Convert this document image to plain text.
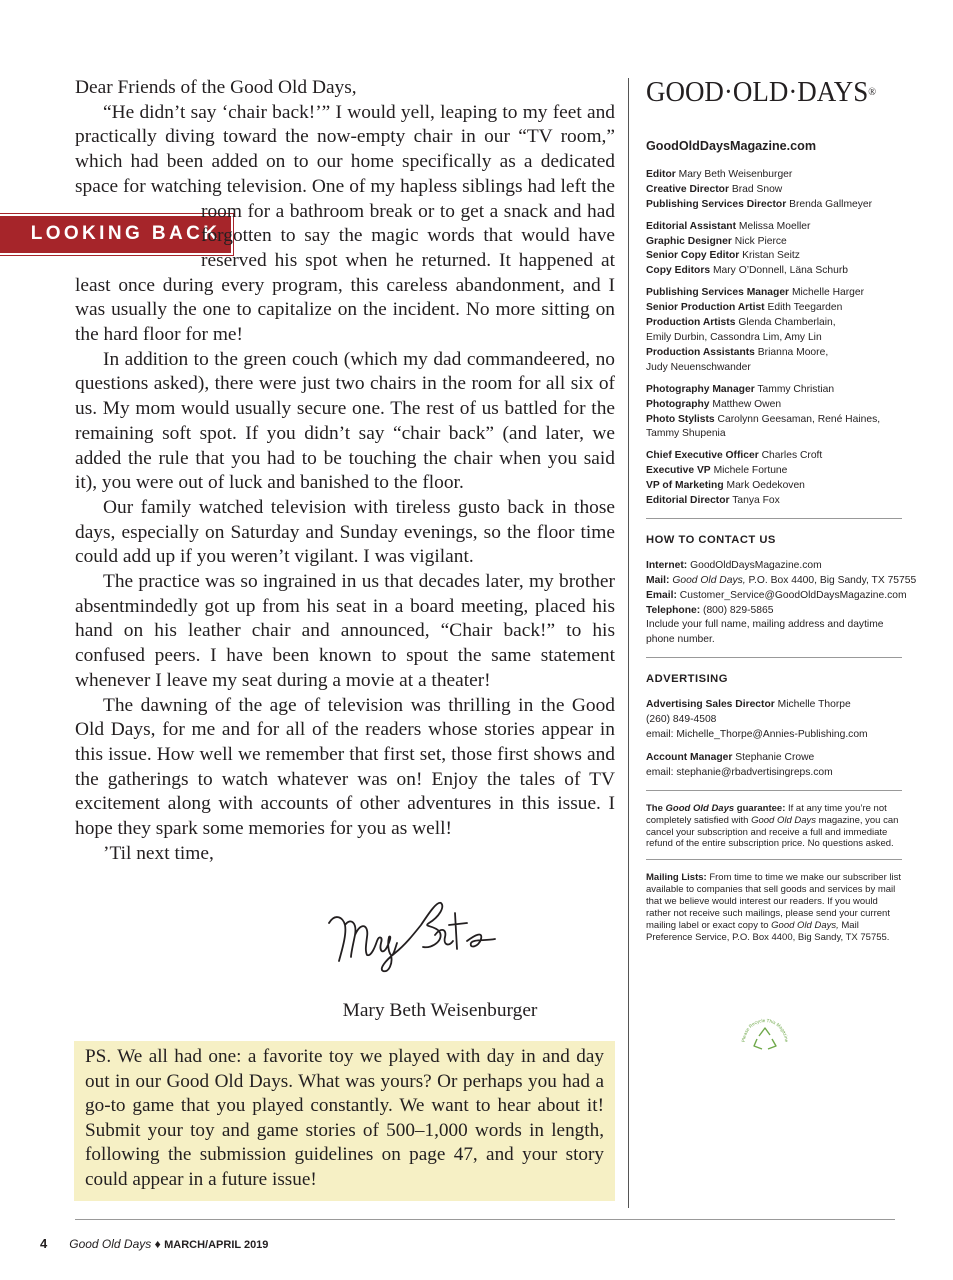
Dear Friends of the Good Old Days,

“He didn’t say ‘chair back!’” I would yell, leaping to my feet and practically diving toward the now-empty chair in our “TV room,” which had been added on to our home specifically as a dedicated space for watching television. One of my hapless siblings
LOOKING BACK
had left the room for a bathroom break or to get a snack and had forgotten to say the magic words that would have reserved his spot when he returned. It happened at least once during every program, this careless abandonment, and I was usually the one to capitalize on the incident. No more sitting on the hard floor for me!

In addition to the green couch (which my dad commandeered, no questions asked), there were just two chairs in the room for all six of us. My mom would usually secure one. The rest of us battled for the remaining soft spot. If you didn’t say “chair back” (and later, we added the rule that you had to be touching the chair when you said it), you were out of luck and banished to the floor.

Our family watched television with tireless gusto back in those days, especially on Saturday and Sunday evenings, so the floor time could add up if you weren’t vigilant. I was vigilant.

The practice was so ingrained in us that decades later, my brother absentmindedly got up from his seat in a board meeting, placed his hand on his leather chair and announced, “Chair back!” to his confused peers. I have been known to spout the same statement whenever I leave my seat during a movie at a theater!

The dawning of the age of television was thrilling in the Good Old Days, for me and for all of the readers whose stories appear in this issue. How well we remember that first set, those first shows and the gatherings to watch whatever was on! Enjoy the tales of TV excitement along with accounts of other adventures in this issue. I hope they spark some memories for you as well!

’Til next time,

Mary Beth Weisenburger

PS. We all had one: a favorite toy we played with day in and day out in our Good Old Days. What was yours? Or perhaps you had a go-to game that you played constantly. We want to hear about it! Submit your toy and game stories of 500–1,000 words in length, following the submission guidelines on page 47, and your story could appear in a future issue!

GOOD·OLD·DAYS®
GoodOldDaysMagazine.com
Editor Mary Beth Weisenburger
Creative Director Brad Snow
Publishing Services Director Brenda Gallmeyer
Editorial Assistant Melissa Moeller
Graphic Designer Nick Pierce
Senior Copy Editor Kristan Seitz
Copy Editors Mary O’Donnell, Läna Schurb
Publishing Services Manager Michelle Harger
Senior Production Artist Edith Teegarden
Production Artists Glenda Chamberlain,
Emily Durbin, Cassondra Lim, Amy Lin
Production Assistants Brianna Moore,
Judy Neuenschwander
Photography Manager Tammy Christian
Photography Matthew Owen
Photo Stylists Carolynn Geesaman, René Haines,
Tammy Shupenia
Chief Executive Officer Charles Croft
Executive VP Michele Fortune
VP of Marketing Mark Oedekoven
Editorial Director Tanya Fox
HOW TO CONTACT US
Internet: GoodOldDaysMagazine.com
Mail: Good Old Days, P.O. Box 4400, Big Sandy, TX 75755
Email: Customer_Service@GoodOldDaysMagazine.com
Telephone: (800) 829-5865
Include your full name, mailing address and daytime phone number.
ADVERTISING
Advertising Sales Director Michelle Thorpe
(260) 849-4508
email: Michelle_Thorpe@Annies-Publishing.com
Account Manager Stephanie Crowe
email: stephanie@rbadvertisingreps.com
The Good Old Days guarantee: If at any time you’re not completely satisfied with Good Old Days magazine, you can cancel your subscription and receive a full and immediate refund of the entire subscription price. No questions asked.
Mailing Lists: From time to time we make our subscriber list available to companies that sell goods and services by mail that we believe would interest our readers. If you would rather not receive such mailings, please send your current mailing label or exact copy to Good Old Days, Mail Preference Service, P.O. Box 4400, Big Sandy, TX 75755.
Please Recycle This Magazine
4 Good Old Days ♦ MARCH/APRIL 2019
